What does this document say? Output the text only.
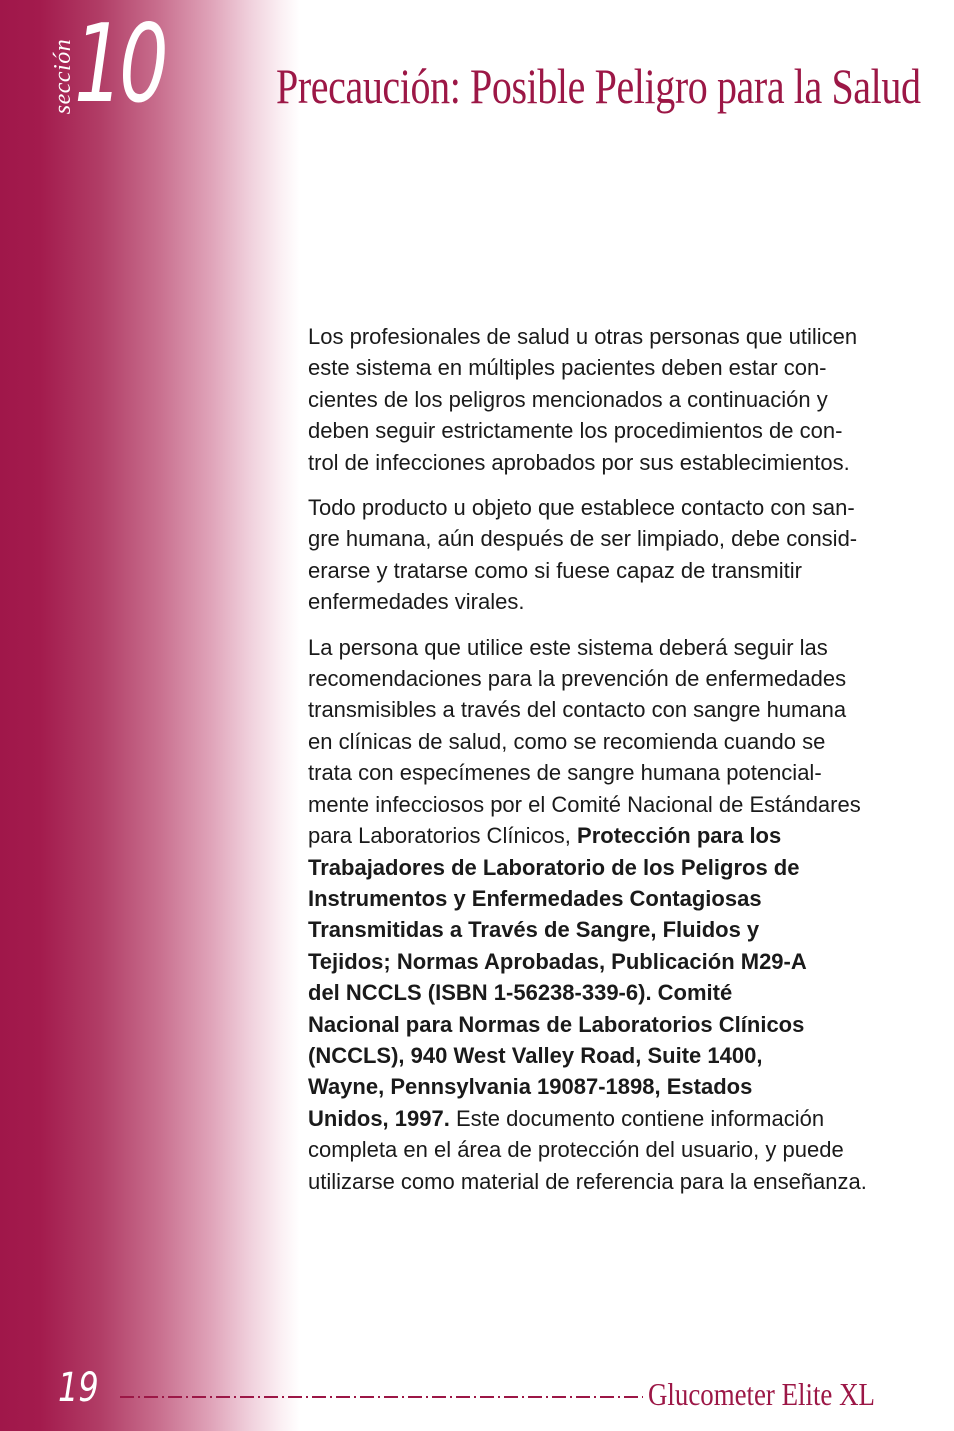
sección
10 Precaución: Posible Peligro para la Salud

Los profesionales de salud u otras personas que utilicen
este sistema en múltiples pacientes deben estar con-
cientes de los peligros mencionados a continuación y
deben seguir estrictamente los procedimientos de con-
trol de infecciones aprobados por sus establecimientos.

Todo producto u objeto que establece contacto con san-
gre humana, aún después de ser limpiado, debe consid-
erarse y tratarse como si fuese capaz de transmitir
enfermedades virales.

La persona que utilice este sistema deberá seguir las
recomendaciones para la prevención de enfermedades
transmisibles a través del contacto con sangre humana
en clínicas de salud, como se recomienda cuando se
trata con especímenes de sangre humana potencial-
mente infecciosos por el Comité Nacional de Estándares
para Laboratorios Clínicos, Protección para los
Trabajadores de Laboratorio de los Peligros de
Instrumentos y Enfermedades Contagiosas
Transmitidas a Través de Sangre, Fluidos y
Tejidos; Normas Aprobadas, Publicación M29-A
del NCCLS (ISBN 1-56238-339-6). Comité
Nacional para Normas de Laboratorios Clínicos
(NCCLS), 940 West Valley Road, Suite 1400,
Wayne, Pennsylvania 19087-1898, Estados
Unidos, 1997. Este documento contiene información
completa en el área de protección del usuario, y puede
utilizarse como material de referencia para la enseñanza.

19	Glucometer Elite XL
